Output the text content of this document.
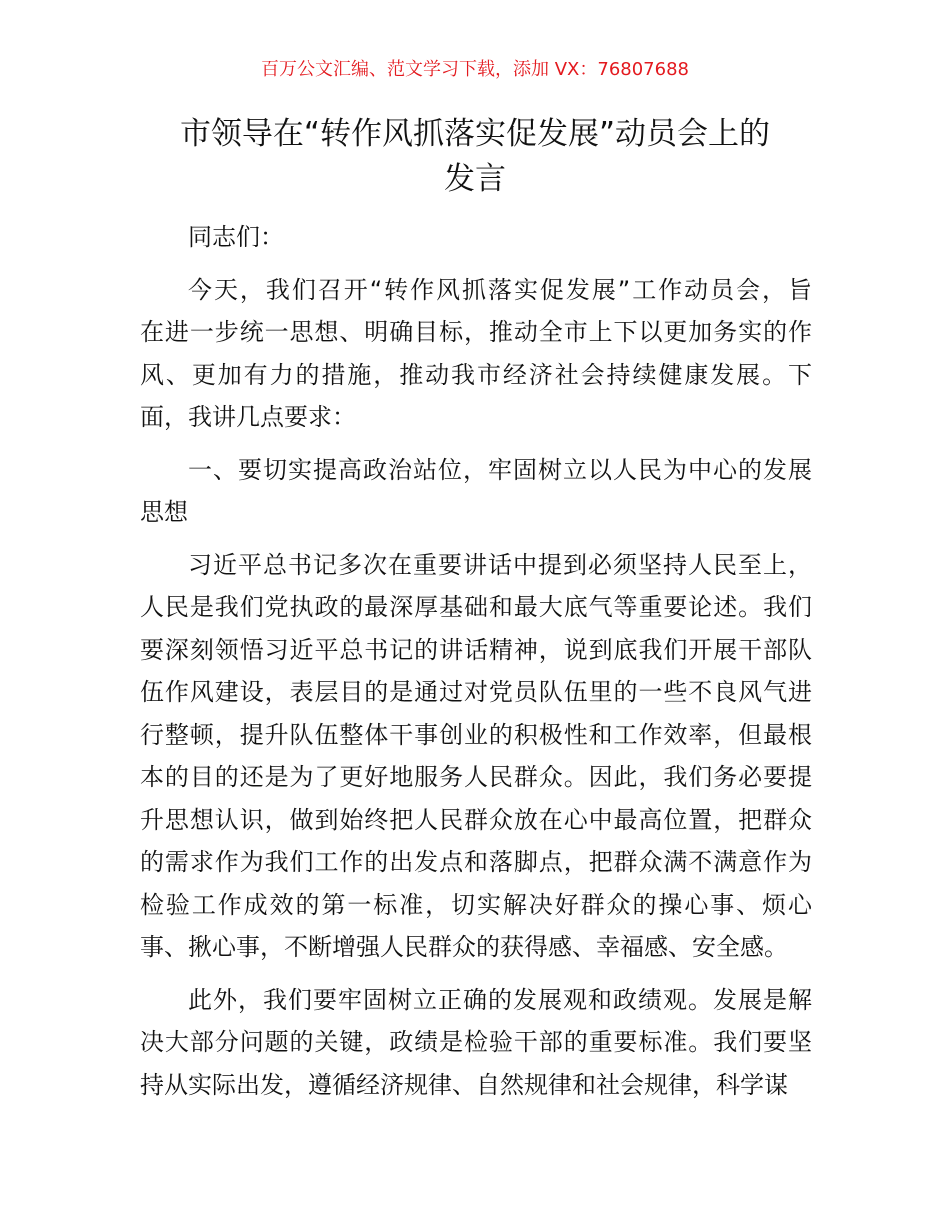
百万公文汇编、范文学习下载，添加 VX：76807688
市领导在“转作风抓落实促发展”动员会上的
发言
同志们：
今天，我们召开“转作风抓落实促发展”工作动员会，旨
在进一步统一思想、明确目标，推动全市上下以更加务实的作
风、更加有力的措施，推动我市经济社会持续健康发展。下
面，我讲几点要求：
一、要切实提高政治站位，牢固树立以人民为中心的发展
思想
习近平总书记多次在重要讲话中提到必须坚持人民至上，
人民是我们党执政的最深厚基础和最大底气等重要论述。我们
要深刻领悟习近平总书记的讲话精神，说到底我们开展干部队
伍作风建设，表层目的是通过对党员队伍里的一些不良风气进
行整顿，提升队伍整体干事创业的积极性和工作效率，但最根
本的目的还是为了更好地服务人民群众。因此，我们务必要提
升思想认识，做到始终把人民群众放在心中最高位置，把群众
的需求作为我们工作的出发点和落脚点，把群众满不满意作为
检验工作成效的第一标准，切实解决好群众的操心事、烦心
事、揪心事，不断增强人民群众的获得感、幸福感、安全感。
此外，我们要牢固树立正确的发展观和政绩观。发展是解
决大部分问题的关键，政绩是检验干部的重要标准。我们要坚
持从实际出发，遵循经济规律、自然规律和社会规律，科学谋
